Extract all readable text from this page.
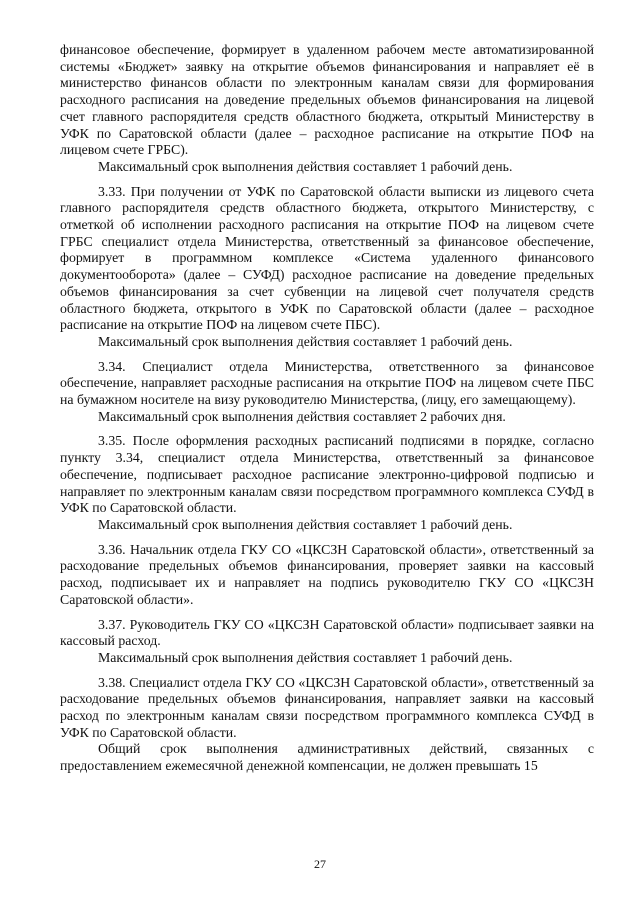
финансовое обеспечение, формирует в удаленном рабочем месте автоматизированной системы «Бюджет» заявку на открытие объемов финансирования и направляет её в министерство финансов области по электронным каналам связи для формирования расходного расписания на доведение предельных объемов финансирования на лицевой счет главного распорядителя средств областного бюджета, открытый Министерству в УФК по Саратовской области (далее – расходное расписание на открытие ПОФ на лицевом счете ГРБС).

Максимальный срок выполнения действия составляет 1 рабочий день.

3.33. При получении от УФК по Саратовской области выписки из лицевого счета главного распорядителя средств областного бюджета, открытого Министерству, с отметкой об исполнении расходного расписания на открытие ПОФ на лицевом счете ГРБС специалист отдела Министерства, ответственный за финансовое обеспечение, формирует в программном комплексе «Система удаленного финансового документооборота» (далее – СУФД) расходное расписание на доведение предельных объемов финансирования за счет субвенции на лицевой счет получателя средств областного бюджета, открытого в УФК по Саратовской области (далее – расходное расписание на открытие ПОФ на лицевом счете ПБС).

Максимальный срок выполнения действия составляет 1 рабочий день.

3.34. Специалист отдела Министерства, ответственного за финансовое обеспечение, направляет расходные расписания на открытие ПОФ на лицевом счете ПБС на бумажном носителе на визу руководителю Министерства, (лицу, его замещающему).

Максимальный срок выполнения действия составляет 2 рабочих дня.

3.35. После оформления расходных расписаний подписями в порядке, согласно пункту 3.34, специалист отдела Министерства, ответственный за финансовое обеспечение, подписывает расходное расписание электронно-цифровой подписью и направляет по электронным каналам связи посредством программного комплекса СУФД в УФК по Саратовской области.

Максимальный срок выполнения действия составляет 1 рабочий день.

3.36. Начальник отдела ГКУ СО «ЦКСЗН Саратовской области», ответственный за расходование предельных объемов финансирования, проверяет заявки на кассовый расход, подписывает их и направляет на подпись руководителю ГКУ СО «ЦКСЗН Саратовской области».

3.37. Руководитель ГКУ СО «ЦКСЗН Саратовской области» подписывает заявки на кассовый расход.

Максимальный срок выполнения действия составляет 1 рабочий день.

3.38. Специалист отдела ГКУ СО «ЦКСЗН Саратовской области», ответственный за расходование предельных объемов финансирования, направляет заявки на кассовый расход по электронным каналам связи посредством программного комплекса СУФД в УФК по Саратовской области.

Общий срок выполнения административных действий, связанных с предоставлением ежемесячной денежной компенсации, не должен превышать 15

27
